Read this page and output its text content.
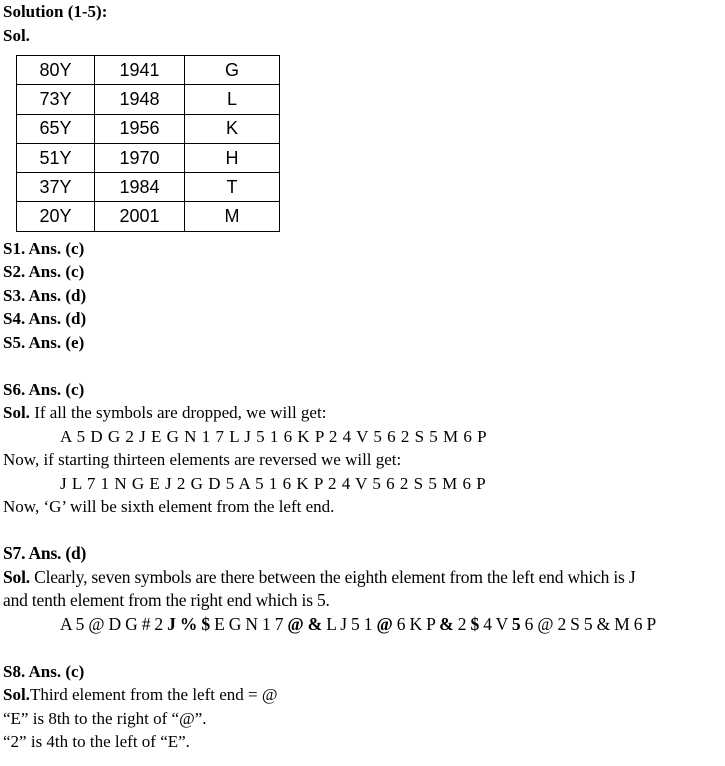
Solution (1-5):
Sol.
80Y	1941	G
73Y	1948	L
65Y	1956	K
51Y	1970	H
37Y	1984	T
20Y	2001	M
S1. Ans. (c)
S2. Ans. (c)
S3. Ans. (d)
S4. Ans. (d)
S5. Ans. (e)
S6. Ans. (c)
Sol. If all the symbols are dropped, we will get:
A 5 D G 2 J E G N 1 7 L J 5 1 6 K P 2 4 V 5 6 2 S 5 M 6 P
Now, if starting thirteen elements are reversed we will get:
J L 7 1 N G E J 2 G D 5 A 5 1 6 K P 2 4 V 5 6 2 S 5 M 6 P
Now, ‘G’ will be sixth element from the left end.
S7. Ans. (d)
Sol. Clearly, seven symbols are there between the eighth element from the left end which is J
and tenth element from the right end which is 5.
A 5 @ D G # 2 J % $ E G N 1 7 @ & L J 5 1 @ 6 K P & 2 $ 4 V 5 6 @ 2 S 5 & M 6 P
S8. Ans. (c)
Sol.Third element from the left end = @
“E” is 8th to the right of “@”.
“2” is 4th to the left of “E”.
